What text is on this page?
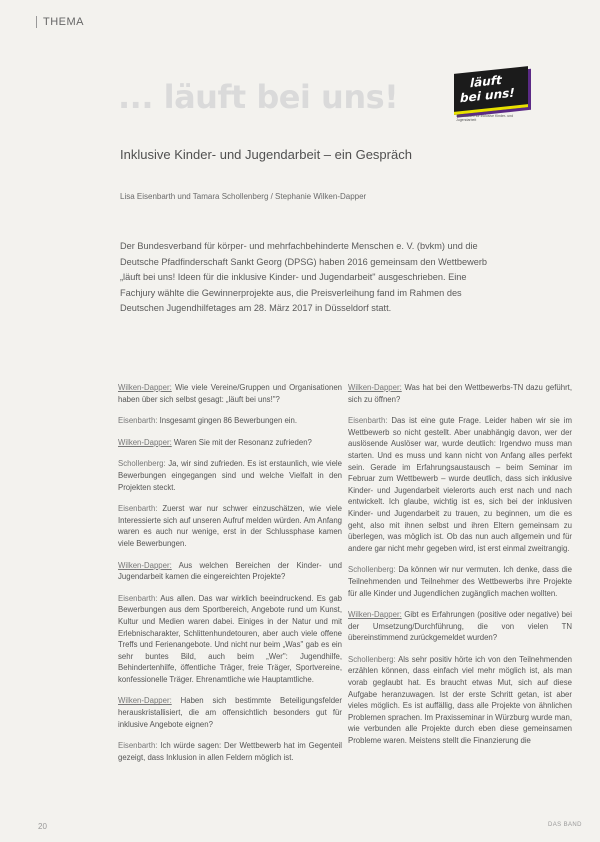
THEMA
läuft
bei uns!
Wettbewerb für inklusive Kinder- und Jugendarbeit
... läuft bei uns!
Inklusive Kinder- und Jugendarbeit – ein Gespräch
Lisa Eisenbarth und Tamara Schollenberg / Stephanie Wilken-Dapper

Der Bundesverband für körper- und mehrfachbehinderte Menschen e. V. (bvkm) und die Deutsche Pfadfinderschaft Sankt Georg (DPSG) haben 2016 gemeinsam den Wettbewerb „läuft bei uns! Ideen für die inklusive Kinder- und Jugendarbeit" ausgeschrieben. Eine Fachjury wählte die Gewinnerprojekte aus, die Preisverleihung fand im Rahmen des Deutschen Jugendhilfetages am 28. März 2017 in Düsseldorf statt.

Wilken-Dapper: Wie viele Vereine/Gruppen und Organisationen haben über sich selbst gesagt: „läuft bei uns!"?

Eisenbarth: Insgesamt gingen 86 Bewerbungen ein.

Wilken-Dapper: Waren Sie mit der Resonanz zufrieden?

Schollenberg: Ja, wir sind zufrieden. Es ist erstaunlich, wie viele Bewerbungen eingegangen sind und welche Vielfalt in den Projekten steckt.

Eisenbarth: Zuerst war nur schwer einzuschätzen, wie viele Interessierte sich auf unseren Aufruf melden würden. Am Anfang waren es auch nur wenige, erst in der Schlussphase kamen viele Bewerbungen.

Wilken-Dapper: Aus welchen Bereichen der Kinder- und Jugendarbeit kamen die eingereichten Projekte?

Eisenbarth: Aus allen. Das war wirklich beeindruckend. Es gab Bewerbungen aus dem Sportbereich, Angebote rund um Kunst, Kultur und Medien waren dabei. Einiges in der Natur und mit Erlebnischarakter, Schlittenhundetouren, aber auch viele offene Treffs und Ferienangebote. Und nicht nur beim „Was" gab es ein sehr buntes Bild, auch beim „Wer": Jugendhilfe, Behindertenhilfe, öffentliche Träger, freie Träger, Sportvereine, konfessionelle Träger. Ehrenamtliche wie Hauptamtliche.

Wilken-Dapper: Haben sich bestimmte Beteiligungsfelder herauskristallisiert, die am offensichtlich besonders gut für inklusive Angebote eignen?

Eisenbarth: Ich würde sagen: Der Wettbewerb hat im Gegenteil gezeigt, dass Inklusion in allen Feldern möglich ist.

Wilken-Dapper: Was hat bei den Wettbewerbs-TN dazu geführt, sich zu öffnen?

Eisenbarth: Das ist eine gute Frage. Leider haben wir sie im Wettbewerb so nicht gestellt. Aber unabhängig davon, wer der auslösende Auslöser war, wurde deutlich: Irgendwo muss man starten. Und es muss und kann nicht von Anfang alles perfekt sein. Gerade im Erfahrungsaustausch – beim Seminar im Februar zum Wettbewerb – wurde deutlich, dass sich inklusive Kinder- und Jugendarbeit vielerorts auch erst nach und nach entwickelt. Ich glaube, wichtig ist es, sich bei der inklusiven Kinder- und Jugendarbeit zu trauen, zu beginnen, um die es geht, also mit ihnen selbst und ihren Eltern gemeinsam zu überlegen, was möglich ist. Ob das nun auch allgemein und für andere gar nicht mehr gegeben wird, ist erst einmal zweitrangig.

Schollenberg: Da können wir nur vermuten. Ich denke, dass die Teilnehmenden und Teilnehmer des Wettbewerbs ihre Projekte für alle Kinder und Jugendlichen zugänglich machen wollten.

Wilken-Dapper: Gibt es Erfahrungen (positive oder negative) bei der Umsetzung/Durchführung, die von vielen TN übereinstimmend zurückgemeldet wurden?

Schollenberg: Als sehr positiv hörte ich von den Teilnehmenden erzählen können, dass einfach viel mehr möglich ist, als man vorab geglaubt hat. Es braucht etwas Mut, sich auf diese Aufgabe heranzuwagen. Ist der erste Schritt getan, ist aber vieles möglich. Es ist auffällig, dass alle Projekte von ähnlichen Problemen sprachen. Im Praxisseminar in Würzburg wurde man, wie verbunden alle Projekte durch eben diese gemeinsamen Probleme waren. Meistens stellt die Finanzierung die

20	DAS BAND
